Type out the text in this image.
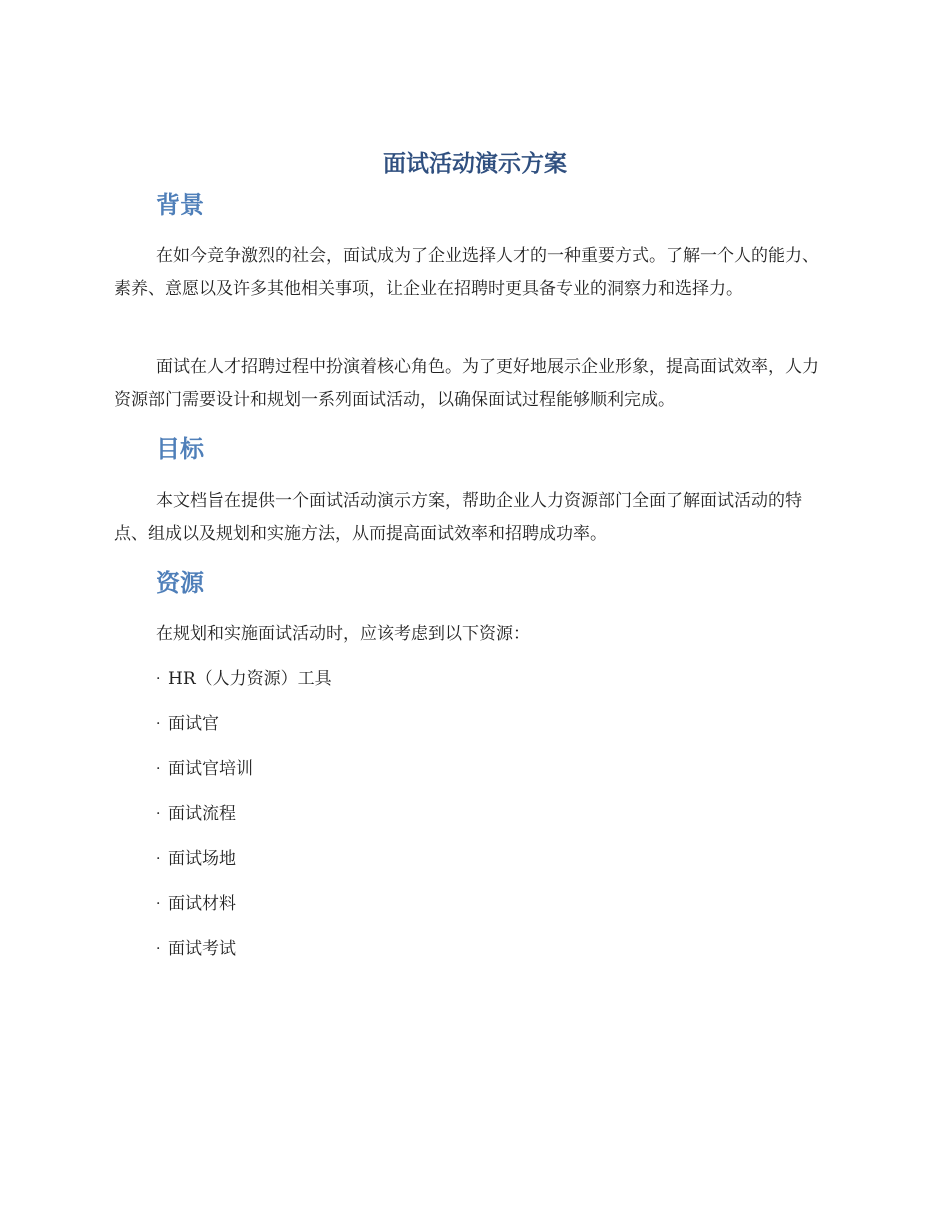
面试活动演示方案
背景

在如今竞争激烈的社会，面试成为了企业选择人才的一种重要方式。了解一个人的能力、素养、意愿以及许多其他相关事项，让企业在招聘时更具备专业的洞察力和选择力。

面试在人才招聘过程中扮演着核心角色。为了更好地展示企业形象，提高面试效率，人力资源部门需要设计和规划一系列面试活动，以确保面试过程能够顺利完成。

目标

本文档旨在提供一个面试活动演示方案，帮助企业人力资源部门全面了解面试活动的特点、组成以及规划和实施方法，从而提高面试效率和招聘成功率。

资源

在规划和实施面试活动时，应该考虑到以下资源：

· HR（人力资源）工具
· 面试官
· 面试官培训
· 面试流程
· 面试场地
· 面试材料
· 面试考试
